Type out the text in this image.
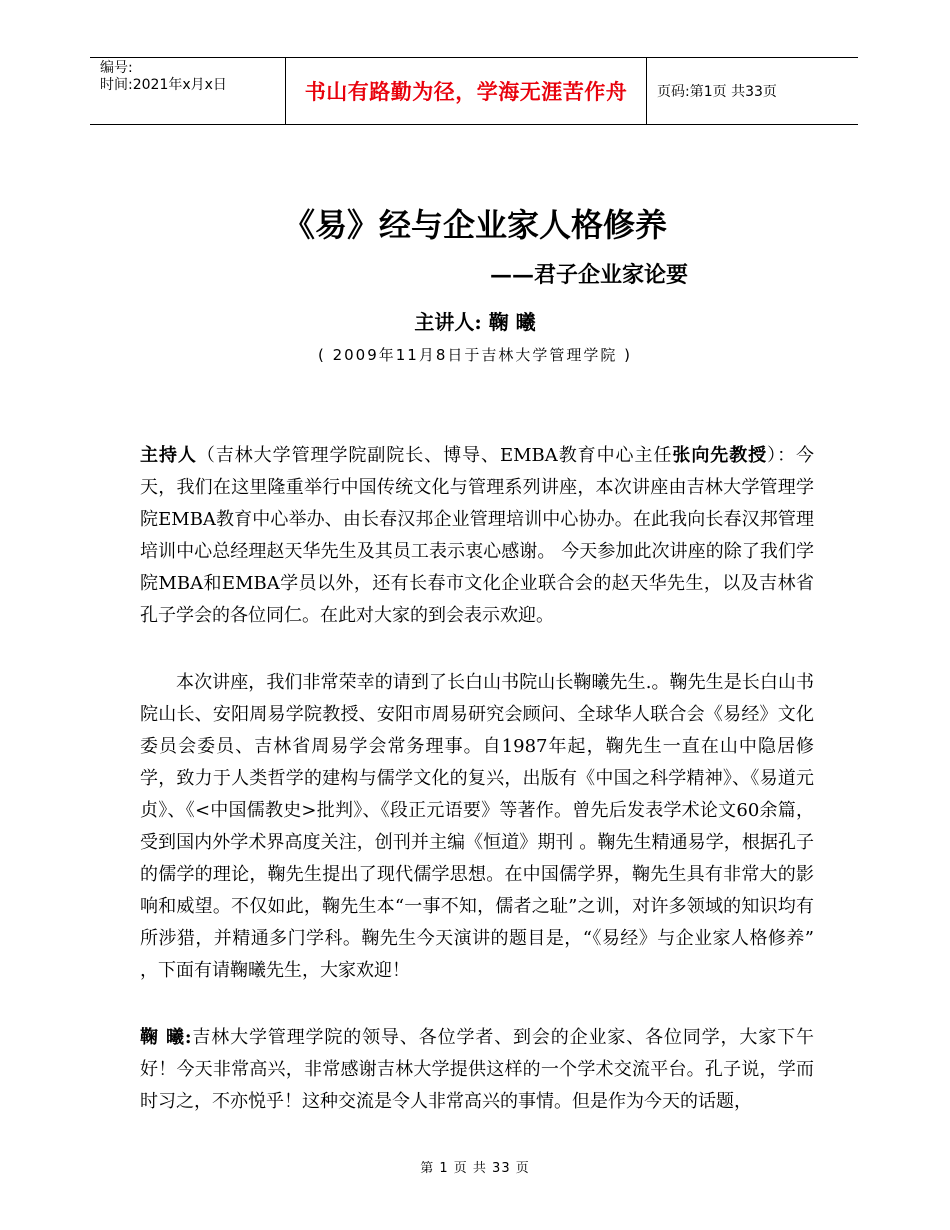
编号:
时间:2021年x月x日	书山有路勤为径，学海无涯苦作舟	页码:第1页 共33页
《易》经与企业家人格修养
——君子企业家论要
主讲人: 鞠 曦
( 2009年11月8日于吉林大学管理学院 )
主持人（吉林大学管理学院副院长、博导、EMBA教育中心主任张向先教授）：今天，我们在这里隆重举行中国传统文化与管理系列讲座，本次讲座由吉林大学管理学院EMBA教育中心举办、由长春汉邦企业管理培训中心协办。在此我向长春汉邦管理培训中心总经理赵天华先生及其员工表示衷心感谢。 今天参加此次讲座的除了我们学院MBA和EMBA学员以外，还有长春市文化企业联合会的赵天华先生，以及吉林省孔子学会的各位同仁。在此对大家的到会表示欢迎。
本次讲座，我们非常荣幸的请到了长白山书院山长鞠曦先生.。鞠先生是长白山书院山长、安阳周易学院教授、安阳市周易研究会顾问、全球华人联合会《易经》文化委员会委员、吉林省周易学会常务理事。自1987年起，鞠先生一直在山中隐居修学，致力于人类哲学的建构与儒学文化的复兴，出版有《中国之科学精神》、《易道元贞》、《<中国儒教史>批判》、《段正元语要》等著作。曾先后发表学术论文60余篇，受到国内外学术界高度关注，创刊并主编《恒道》期刊 。鞠先生精通易学，根据孔子的儒学的理论，鞠先生提出了现代儒学思想。在中国儒学界，鞠先生具有非常大的影响和威望。不仅如此，鞠先生本“一事不知，儒者之耻”之训，对许多领域的知识均有所涉猎，并精通多门学科。鞠先生今天演讲的题目是，“《易经》与企业家人格修养” ，下面有请鞠曦先生，大家欢迎！
鞠 曦:吉林大学管理学院的领导、各位学者、到会的企业家、各位同学，大家下午好！今天非常高兴，非常感谢吉林大学提供这样的一个学术交流平台。孔子说，学而时习之，不亦悦乎！这种交流是令人非常高兴的事情。但是作为今天的话题，
第 1 页 共 33 页
